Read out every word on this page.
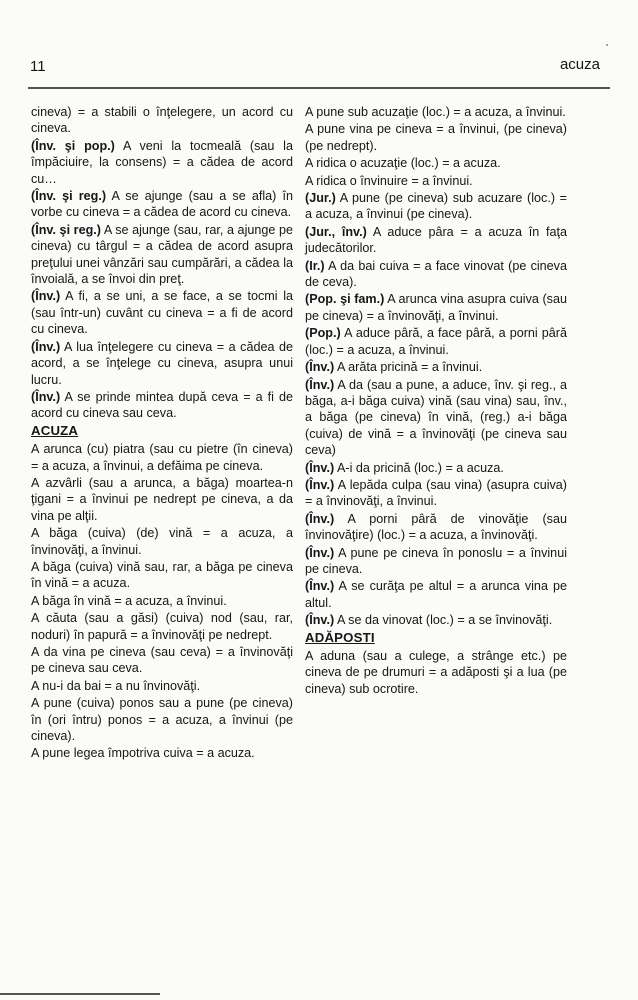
11	acuza
cineva) = a stabili o înţelegere, un acord cu cineva.
(Înv. şi pop.) A veni la tocmeală (sau la împăciuire, la consens) = a cădea de acord cu…
(Înv. şi reg.) A se ajunge (sau a se afla) în vorbe cu cineva = a cădea de acord cu cineva.
(Înv. şi reg.) A se ajunge (sau, rar, a ajunge pe cineva) cu târgul = a cădea de acord asupra preţului unei vânzări sau cumpărări, a cădea la învoială, a se învoi din preţ.
(Înv.) A fi, a se uni, a se face, a se tocmi la (sau într-un) cuvânt cu cineva = a fi de acord cu cineva.
(Înv.) A lua înţelegere cu cineva = a cădea de acord, a se înţelege cu cineva, asupra unui lucru.
(Înv.) A se prinde mintea după ceva = a fi de acord cu cineva sau ceva.
ACUZA
A arunca (cu) piatra (sau cu pietre (în cineva) = a acuza, a învinui, a defăima pe cineva.
A azvârli (sau a arunca, a băga) moartea-n ţigani = a învinui pe nedrept pe cineva, a da vina pe alţii.
A băga (cuiva) (de) vină = a acuza, a învinovăţi, a învinui.
A băga (cuiva) vină sau, rar, a băga pe cineva în vină = a acuza.
A băga în vină = a acuza, a învinui.
A căuta (sau a găsi) (cuiva) nod (sau, rar, noduri) în papură = a învinovăţi pe nedrept.
A da vina pe cineva (sau ceva) = a învinovăţi pe cineva sau ceva.
A nu-i da bai = a nu învinovăţi.
A pune (cuiva) ponos sau a pune (pe cineva) în (ori întru) ponos = a acuza, a învinui (pe cineva).
A pune legea împotriva cuiva = a acuza.
A pune sub acuzaţie (loc.) = a acuza, a învinui.
A pune vina pe cineva = a învinui, (pe cineva) (pe nedrept).
A ridica o acuzaţie (loc.) = a acuza.
A ridica o învinuire = a învinui.
(Jur.) A pune (pe cineva) sub acuzare (loc.) = a acuza, a învinui (pe cineva).
(Jur., înv.) A aduce pâra = a acuza în faţa judecătorilor.
(Ir.) A da bai cuiva = a face vinovat (pe cineva de ceva).
(Pop. şi fam.) A arunca vina asupra cuiva (sau pe cineva) = a învinovăţi, a învinui.
(Pop.) A aduce pâră, a face pâră, a porni pâră (loc.) = a acuza, a învinui.
(Înv.) A arăta pricină = a învinui.
(Înv.) A da (sau a pune, a aduce, înv. şi reg., a băga, a-i băga cuiva) vină (sau vina) sau, înv., a băga (pe cineva) în vină, (reg.) a-i băga (cuiva) de vină = a învinovăţi (pe cineva sau ceva)
(Înv.) A-i da pricină (loc.) = a acuza.
(Înv.) A lepăda culpa (sau vina) (asupra cuiva) = a învinovăţi, a învinui.
(Înv.) A porni pâră de vinovăţie (sau învinovăţire) (loc.) = a acuza, a învinovăţi.
(Înv.) A pune pe cineva în ponoslu = a învinui pe cineva.
(Înv.) A se curăţa pe altul = a arunca vina pe altul.
(Înv.) A se da vinovat (loc.) = a se învinovăţi.
ADĂPOSTI
A aduna (sau a culege, a strânge etc.) pe cineva de pe drumuri = a adăposti şi a lua (pe cineva) sub ocrotire.
